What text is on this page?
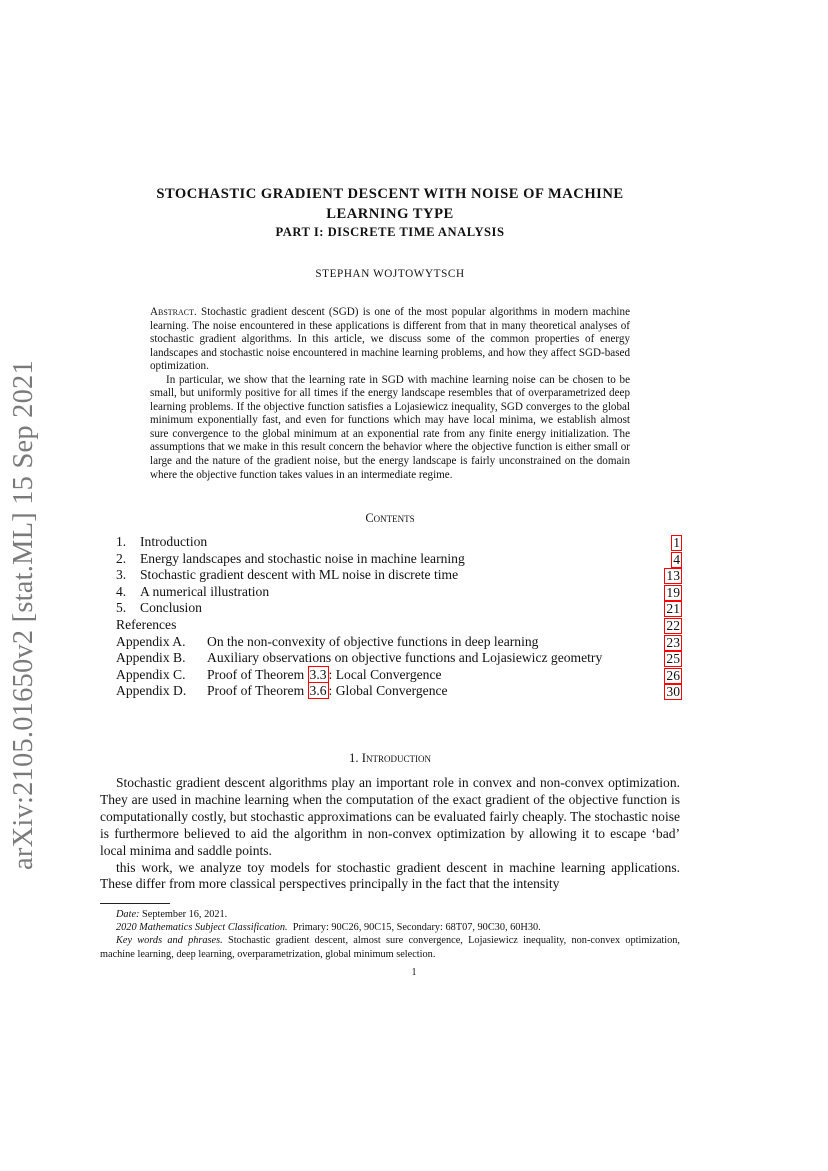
arXiv:2105.01650v2 [stat.ML] 15 Sep 2021
STOCHASTIC GRADIENT DESCENT WITH NOISE OF MACHINE
LEARNING TYPE
PART I: DISCRETE TIME ANALYSIS
STEPHAN WOJTOWYTSCH

Abstract. Stochastic gradient descent (SGD) is one of the most popular algorithms in modern machine learning. The noise encountered in these applications is different from that in many theoretical analyses of stochastic gradient algorithms. In this article, we discuss some of the common properties of energy landscapes and stochastic noise encountered in machine learning problems, and how they affect SGD-based optimization.

In particular, we show that the learning rate in SGD with machine learning noise can be chosen to be small, but uniformly positive for all times if the energy landscape resembles that of overparametrized deep learning problems. If the objective function satisfies a Lojasiewicz inequality, SGD converges to the global minimum exponentially fast, and even for functions which may have local minima, we establish almost sure convergence to the global minimum at an exponential rate from any finite energy initialization. The assumptions that we make in this result concern the behavior where the objective function is either small or large and the nature of the gradient noise, but the energy landscape is fairly unconstrained on the domain where the objective function takes values in an intermediate regime.

Contents
1. Introduction	1
2. Energy landscapes and stochastic noise in machine learning	4
3. Stochastic gradient descent with ML noise in discrete time	13
4. A numerical illustration	19
5. Conclusion	21
References	22
Appendix A. On the non-convexity of objective functions in deep learning	23
Appendix B. Auxiliary observations on objective functions and Lojasiewicz geometry	25
Appendix C. Proof of Theorem 3.3 : Local Convergence	26
Appendix D. Proof of Theorem 3.6 : Global Convergence	30
1. Introduction

Stochastic gradient descent algorithms play an important role in convex and non-convex optimization. They are used in machine learning when the computation of the exact gradient of the objective function is computationally costly, but stochastic approximations can be evaluated fairly cheaply. The stochastic noise is furthermore believed to aid the algorithm in non-convex optimization by allowing it to escape ‘bad’ local minima and saddle points.

this work, we analyze toy models for stochastic gradient descent in machine learning applications. These differ from more classical perspectives principally in the fact that the intensity

Date: September 16, 2021.

2020 Mathematics Subject Classification. Primary: 90C26, 90C15, Secondary: 68T07, 90C30, 60H30.

Key words and phrases. Stochastic gradient descent, almost sure convergence, Lojasiewicz inequality, non-convex optimization, machine learning, deep learning, overparametrization, global minimum selection.

1
